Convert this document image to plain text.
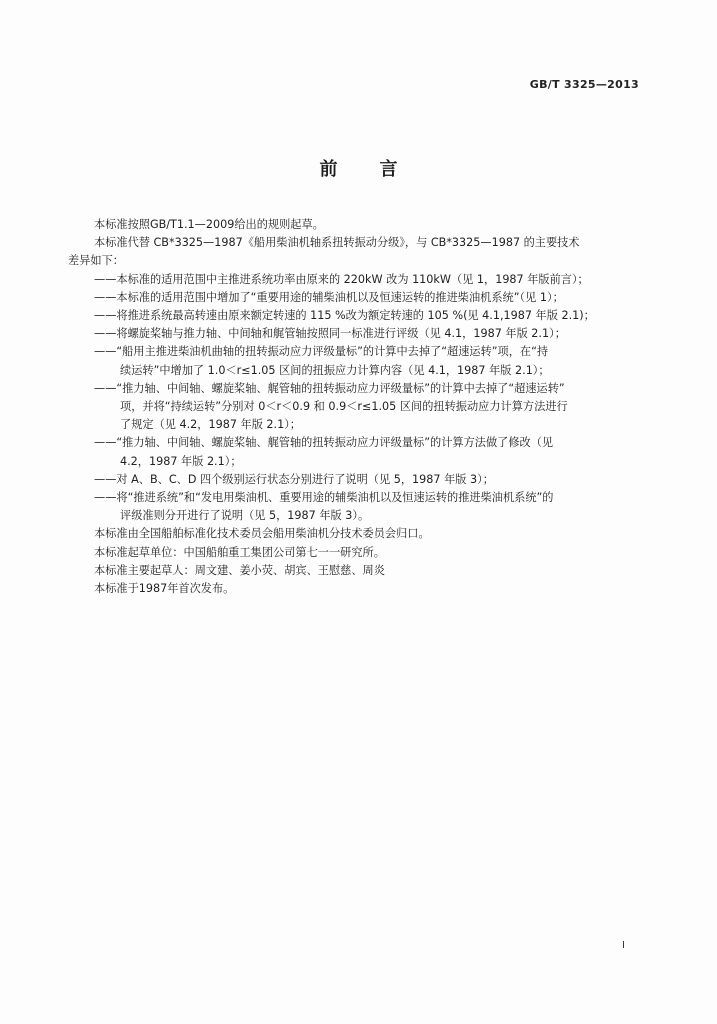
GB/T 3325—2013
前言

本标准按照GB/T1.1—2009给出的规则起草。

本标准代替 CB*3325—1987《船用柴油机轴系扭转振动分级》，与 CB*3325—1987 的主要技术

差异如下：

——本标准的适用范围中主推进系统功率由原来的 220kW 改为 110kW（见 1，1987 年版前言）；

——本标准的适用范围中增加了“重要用途的辅柴油机以及恒速运转的推进柴油机系统”（见 1）；

——将推进系统最高转速由原来额定转速的 115 %改为额定转速的 105 %(见 4.1,1987 年版 2.1)；

——将螺旋桨轴与推力轴、中间轴和艉管轴按照同一标准进行评级（见 4.1，1987 年版 2.1）；

——“船用主推进柴油机曲轴的扭转振动应力评级量标”的计算中去掉了“超速运转”项，在“持

续运转”中增加了 1.0＜r≤1.05 区间的扭振应力计算内容（见 4.1，1987 年版 2.1）；

——“推力轴、中间轴、螺旋桨轴、艉管轴的扭转振动应力评级量标”的计算中去掉了“超速运转”

项，并将“持续运转”分别对 0＜r＜0.9 和 0.9＜r≤1.05 区间的扭转振动应力计算方法进行

了规定（见 4.2，1987 年版 2.1）；

——“推力轴、中间轴、螺旋桨轴、艉管轴的扭转振动应力评级量标”的计算方法做了修改（见

4.2，1987 年版 2.1）；

——对 A、B、C、D 四个级别运行状态分别进行了说明（见 5，1987 年版 3）；

——将“推进系统”和“发电用柴油机、重要用途的辅柴油机以及恒速运转的推进柴油机系统”的

评级准则分开进行了说明（见 5，1987 年版 3）。

本标准由全国船舶标准化技术委员会船用柴油机分技术委员会归口。

本标准起草单位：中国船舶重工集团公司第七一一研究所。

本标准主要起草人：周文建、姜小荧、胡宾、王慰慈、周炎

本标准于1987年首次发布。

I
